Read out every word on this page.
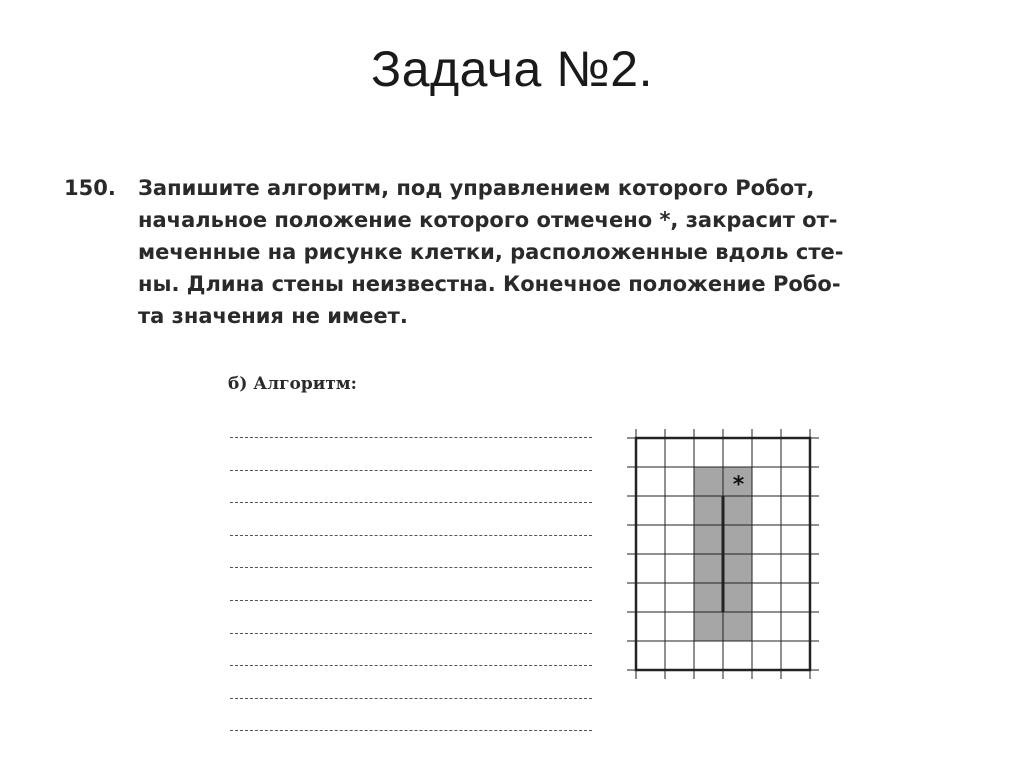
Задача №2.
150. Запишите алгоритм, под управлением которого Робот,
начальное положение которого отмечено *, закрасит от-
меченные на рисунке клетки, расположенные вдоль сте-
ны. Длина стены неизвестна. Конечное положение Робо-
та значения не имеет.
б) Алгоритм:
*
